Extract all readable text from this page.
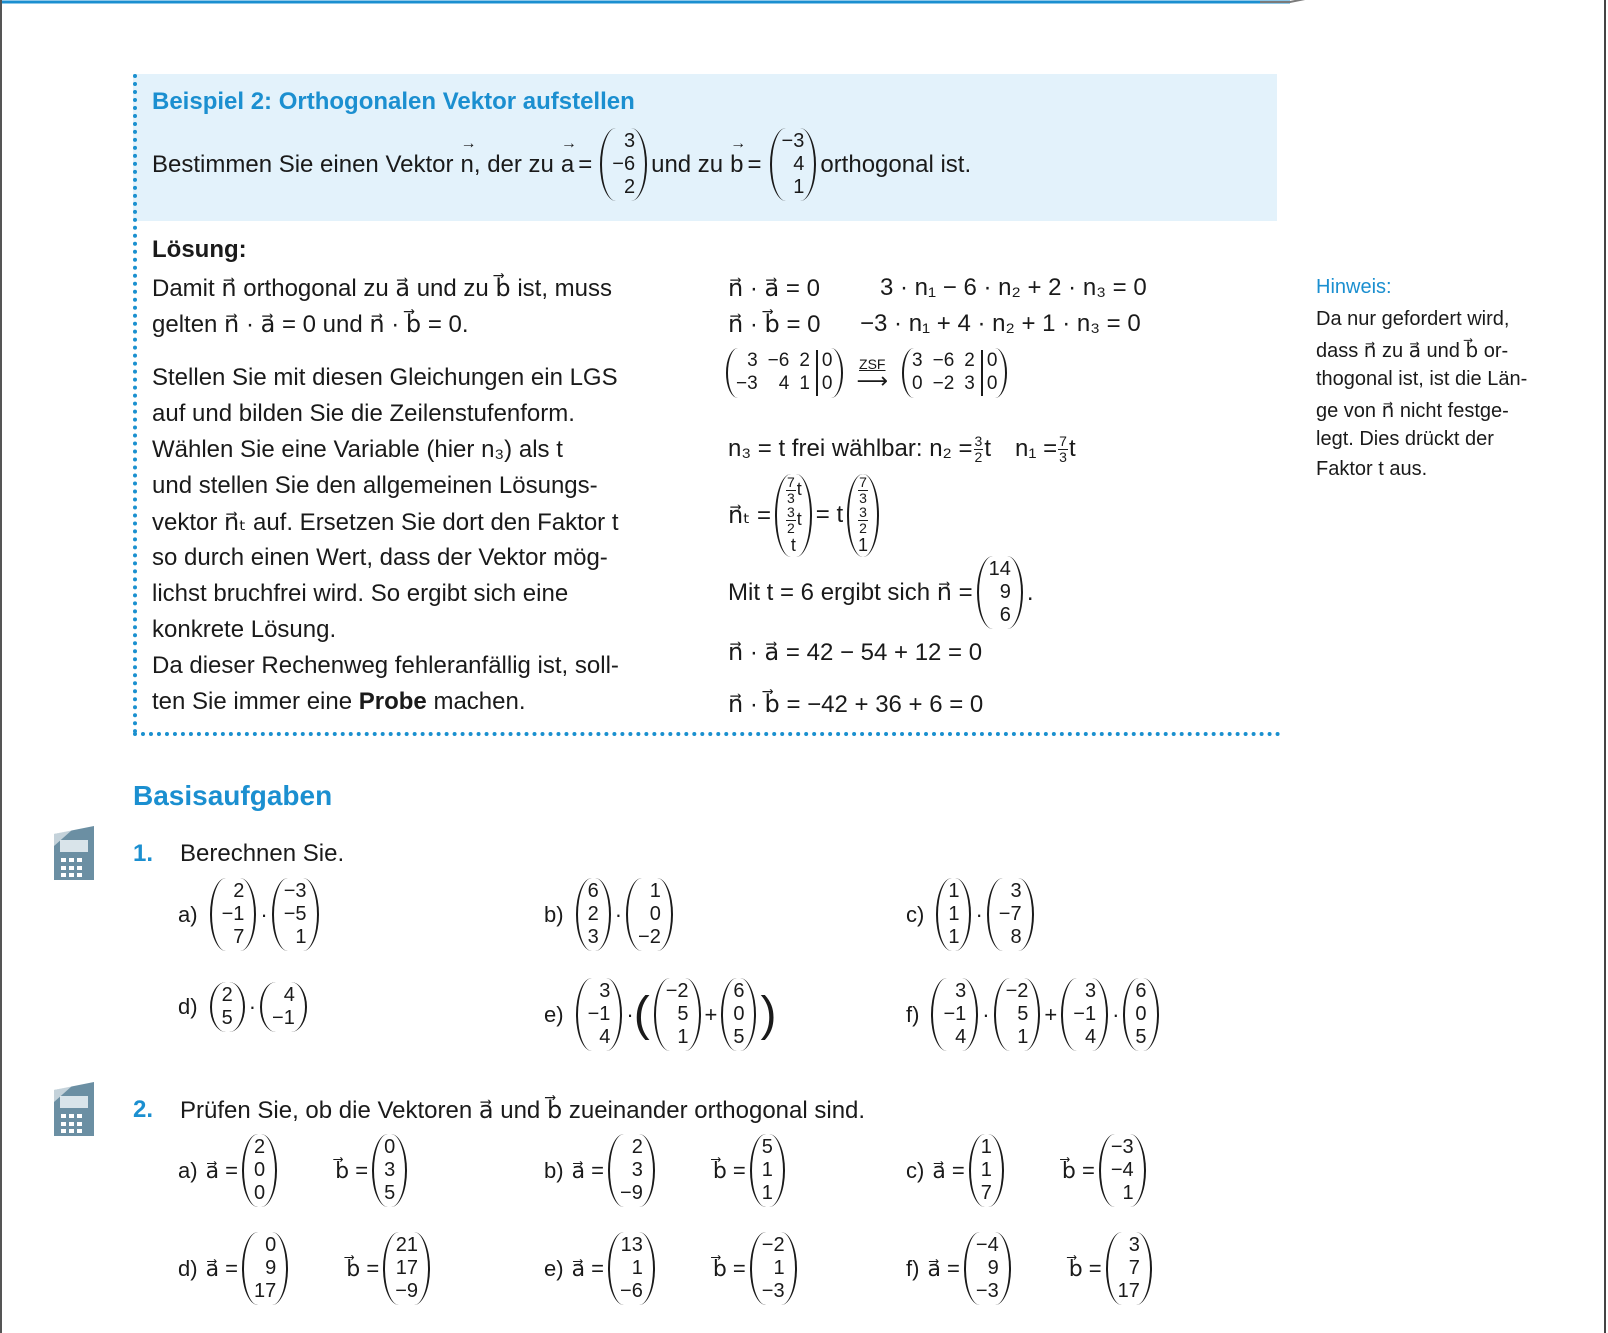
Beispiel 2: Orthogonalen Vektor aufstellen
Bestimmen Sie einen Vektor → n , der zu → a =
3
−6
2
und zu → b =
−3
4
1
orthogonal ist.
Lösung:
Damit n⃗ orthogonal zu a⃗ und zu b⃗ ist, muss
gelten n⃗ · a⃗ = 0 und n⃗ · b⃗ = 0.
Stellen Sie mit diesen Gleichungen ein LGS
auf und bilden Sie die Zeilenstufenform.
Wählen Sie eine Variable (hier n₃) als t
und stellen Sie den allgemeinen Lösungs-
vektor n⃗ₜ auf. Ersetzen Sie dort den Faktor t
so durch einen Wert, dass der Vektor mög-
lichst bruchfrei wird. So ergibt sich eine
konkrete Lösung.
Da dieser Rechenweg fehleranfällig ist, soll-
ten Sie immer eine Probe machen.
n⃗ · a⃗ = 0	3 · n₁ − 6 · n₂ + 2 · n₃ = 0
n⃗ · b⃗ = 0 −3 · n₁ + 4 · n₂ + 1 · n₃ = 0
3 −6 2
−3	4 1
0
0
ZSF
⟶
3 −6 2
0 −2 3
0
0
n₃ = t frei wählbar: $n_2 = \frac{3}{2}$ t $n_1 = \frac{7}{3}$ t
n⃗ₜ =
$\frac{7}{3}$ t
$\frac{3}{2}$ t
t
= t
$\frac{7}{3}$
$\frac{3}{2}$
1
Mit t = 6 ergibt sich n⃗ =
14
9
6
.
n⃗ · a⃗ = 42 − 54 + 12 = 0
n⃗ · b⃗ = −42 + 36 + 6 = 0
Hinweis:
Da nur gefordert wird,
dass n⃗ zu a⃗ und b⃗ or-
thogonal ist, ist die Län-
ge von n⃗ nicht festge-
legt. Dies drückt der
Faktor t aus.
Basisaufgaben
1. Berechnen Sie.
a)
2
−1
7
·
−3
−5
1
b)
6
2
3
·
1
0
−2
c)
1
1
1
·
3
−7
8
d) 2
5 ·	4
−1	e)
3
−1
4
· ( −2
5
1
+
6
0
5 )	f)
3
−1
4
·
−2
5
1
+
3
−1
4
·
6
0
5
2. Prüfen Sie, ob die Vektoren a⃗ und b⃗ zueinander orthogonal sind.
a) a⃗ =
2
0
0
b⃗ =
0
3
5
b) a⃗ =
2
3
−9
b⃗ =
5
1
1
c) a⃗ =
1
1
7
b⃗ =
−3
−4
1
d) a⃗ =
0
9
17
b⃗ =
21
17
−9
e) a⃗ =
13
1
−6
b⃗ =
−2
1
−3
f) a⃗ =
−4
9
−3
b⃗ =
3
7
17
